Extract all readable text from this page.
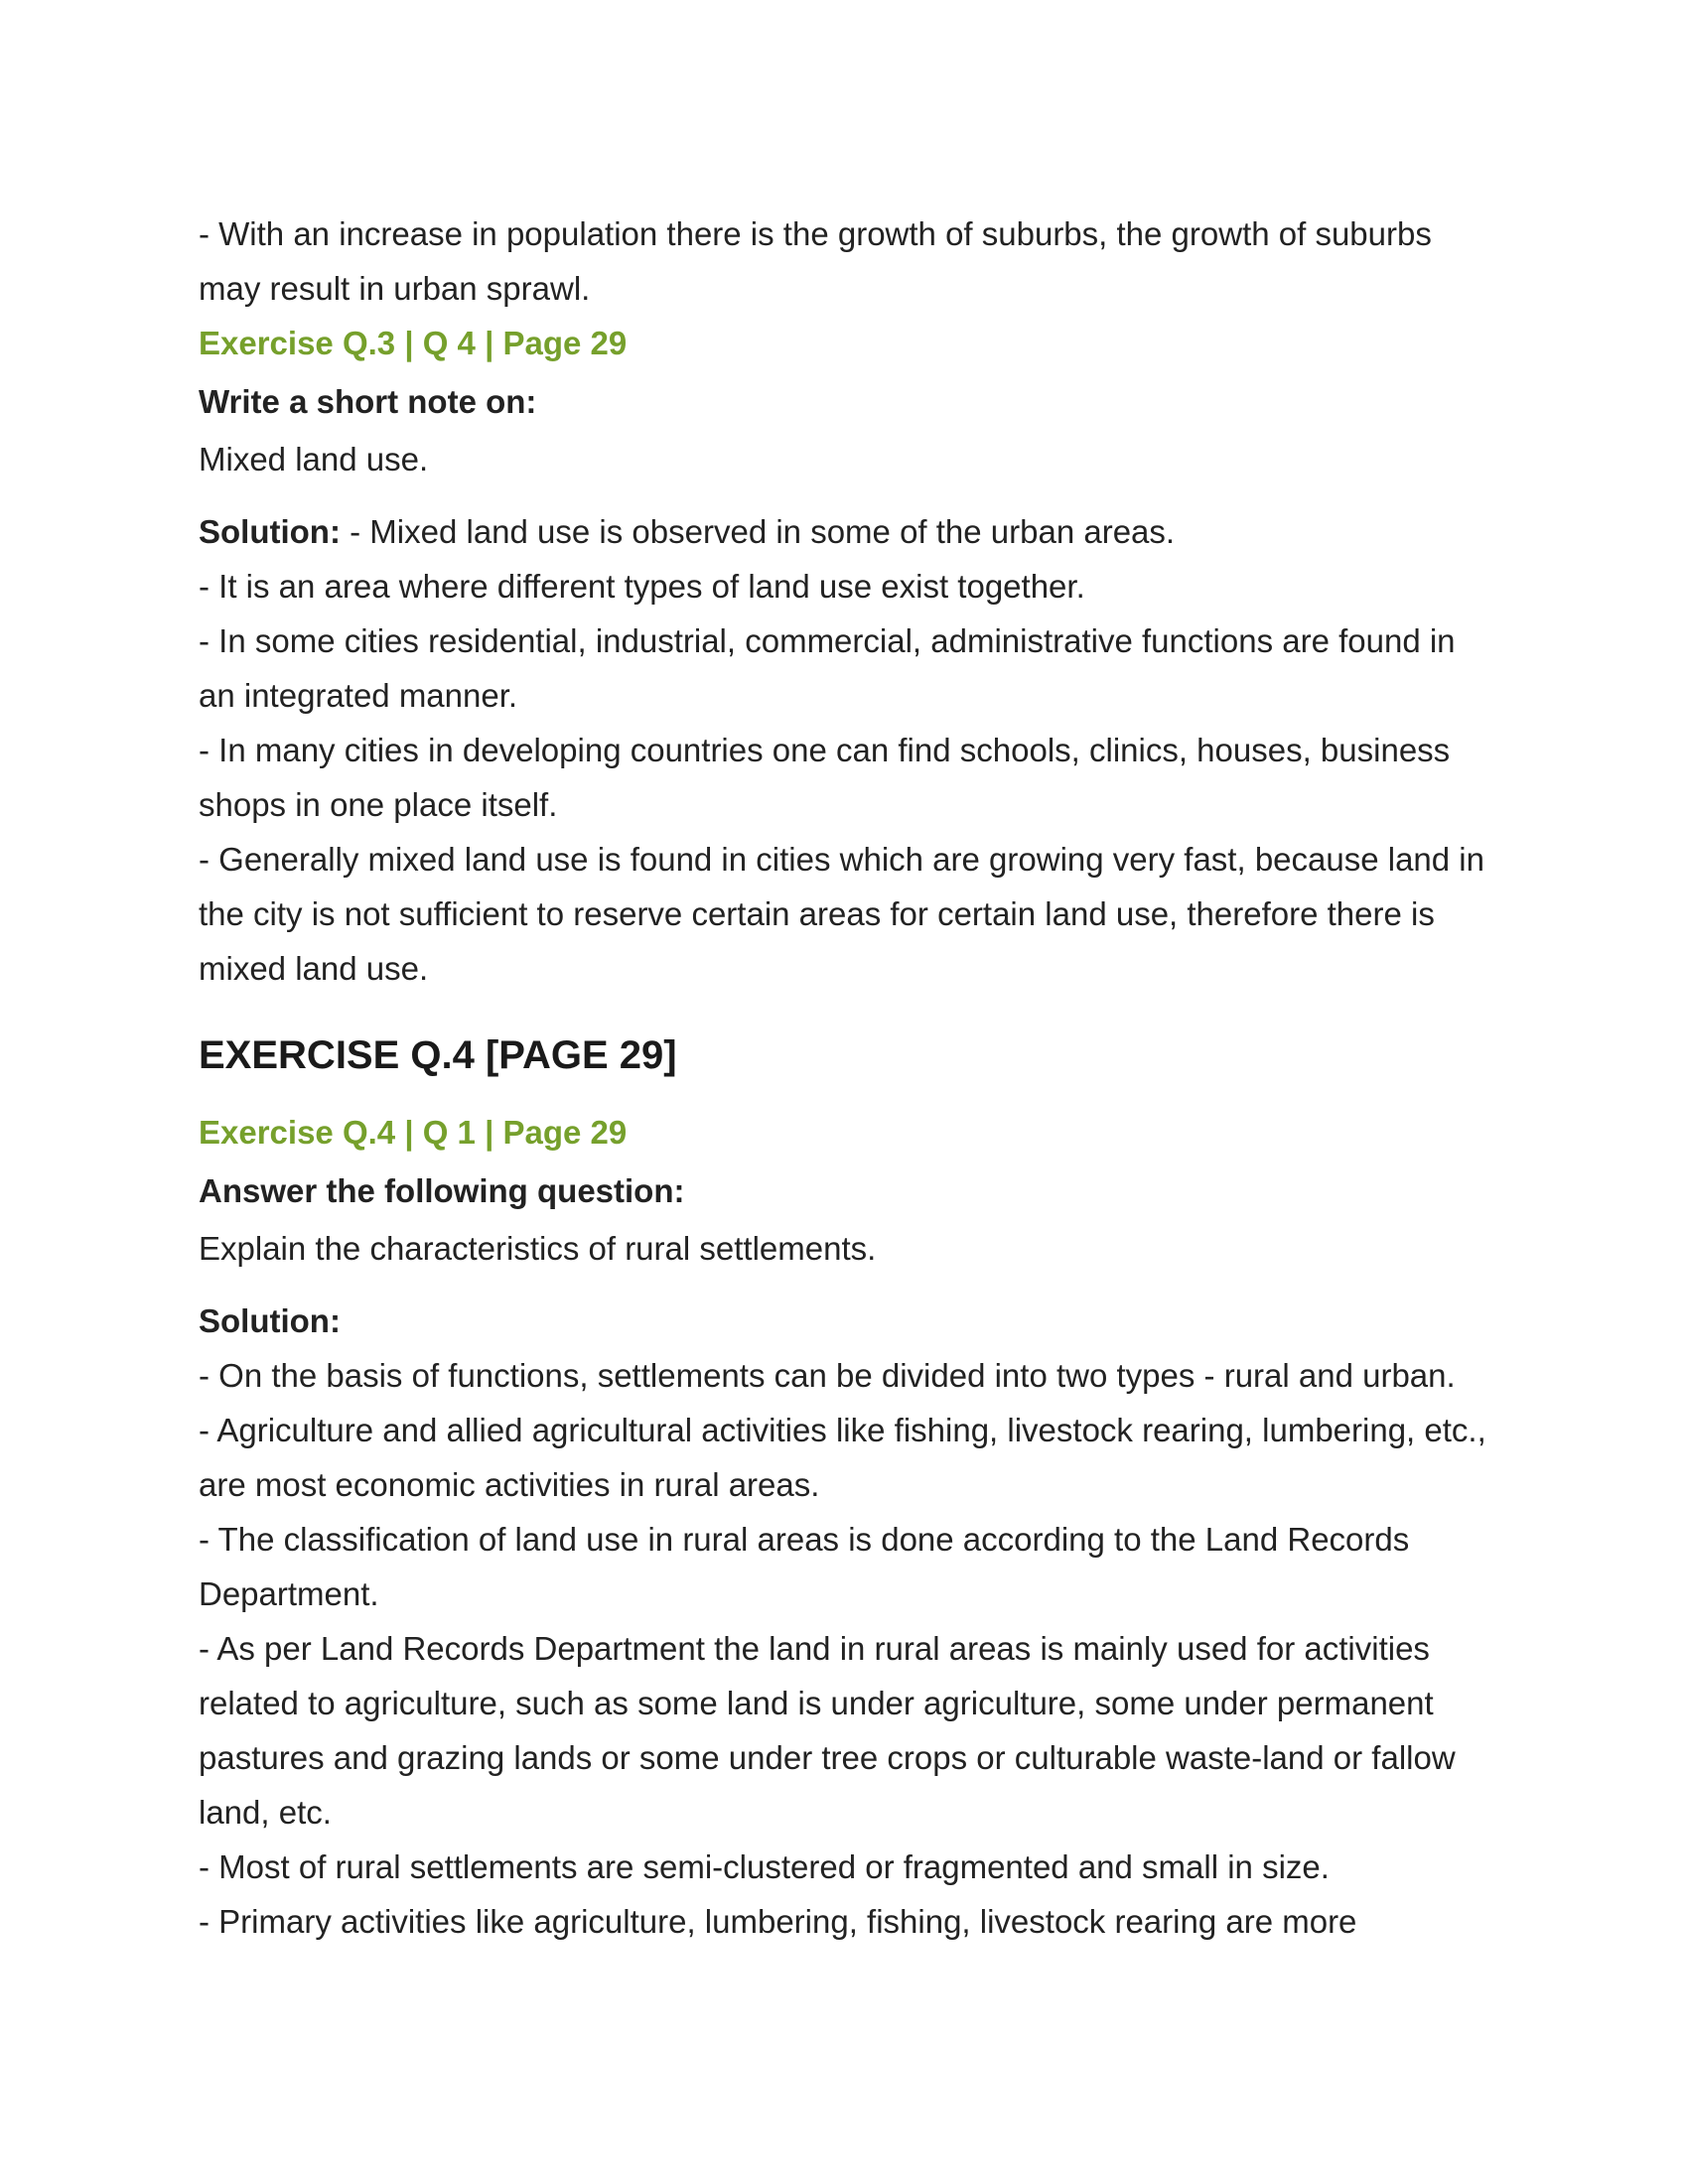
- With an increase in population there is the growth of suburbs, the growth of suburbs may result in urban sprawl.

Exercise Q.3 | Q 4 | Page 29
Write a short note on:
Mixed land use.
Solution: - Mixed land use is observed in some of the urban areas.
- It is an area where different types of land use exist together.
- In some cities residential, industrial, commercial, administrative functions are found in an integrated manner.
- In many cities in developing countries one can find schools, clinics, houses, business shops in one place itself.
- Generally mixed land use is found in cities which are growing very fast, because land in the city is not sufficient to reserve certain areas for certain land use, therefore there is mixed land use.
EXERCISE Q.4 [PAGE 29]
Exercise Q.4 | Q 1 | Page 29
Answer the following question:
Explain the characteristics of rural settlements.
Solution:
- On the basis of functions, settlements can be divided into two types - rural and urban.
- Agriculture and allied agricultural activities like fishing, livestock rearing, lumbering, etc., are most economic activities in rural areas.
- The classification of land use in rural areas is done according to the Land Records Department.
- As per Land Records Department the land in rural areas is mainly used for activities related to agriculture, such as some land is under agriculture, some under permanent pastures and grazing lands or some under tree crops or culturable waste-land or fallow land, etc.
- Most of rural settlements are semi-clustered or fragmented and small in size.
- Primary activities like agriculture, lumbering, fishing, livestock rearing are more
